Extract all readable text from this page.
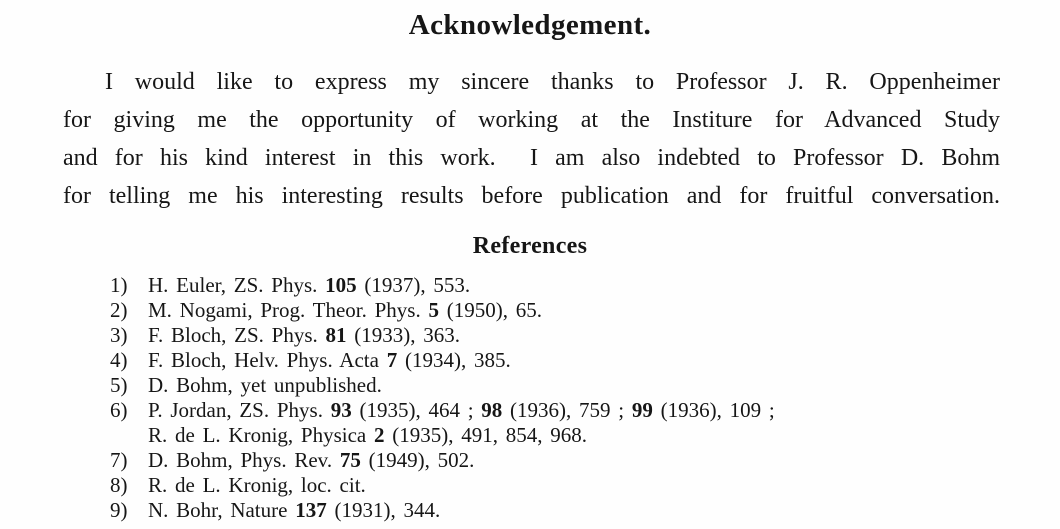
Acknowledgement.
I would like to express my sincere thanks to Professor J. R. Oppenheimer
for giving me the opportunity of working at the Institure for Advanced Study
and for his kind interest in this work.  I am also indebted to Professor D. Bohm
for telling me his interesting results before publication and for fruitful conversation.
References
1) H. Euler, ZS. Phys. 105 (1937), 553.
2) M. Nogami, Prog. Theor. Phys. 5 (1950), 65.
3) F. Bloch, ZS. Phys. 81 (1933), 363.
4) F. Bloch, Helv. Phys. Acta 7 (1934), 385.
5) D. Bohm, yet unpublished.
6) P. Jordan, ZS. Phys. 93 (1935), 464 ; 98 (1936), 759 ; 99 (1936), 109 ;
R. de L. Kronig, Physica 2 (1935), 491, 854, 968.
7) D. Bohm, Phys. Rev. 75 (1949), 502.
8) R. de L. Kronig, loc. cit.
9) N. Bohr, Nature 137 (1931), 344.
